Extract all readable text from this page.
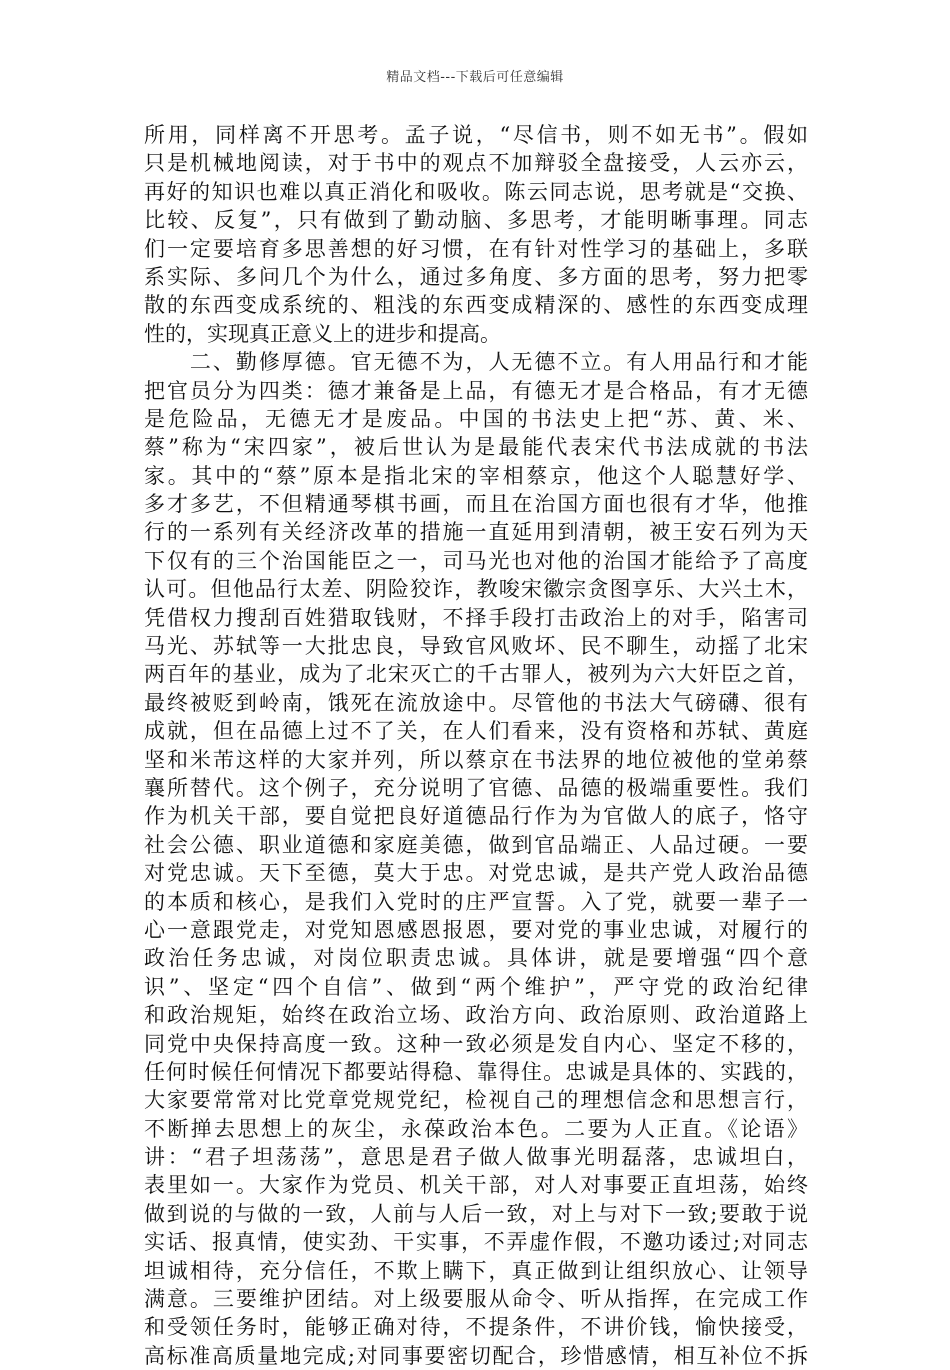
精品文档---下载后可任意编辑
所用，同样离不开思考。孟子说，“尽信书，则不如无书”。假如
只是机械地阅读，对于书中的观点不加辩驳全盘接受，人云亦云，
再好的知识也难以真正消化和吸收。陈云同志说，思考就是“交换、
比较、反复”，只有做到了勤动脑、多思考，才能明晰事理。同志
们一定要培育多思善想的好习惯，在有针对性学习的基础上，多联
系实际、多问几个为什么，通过多角度、多方面的思考，努力把零
散的东西变成系统的、粗浅的东西变成精深的、感性的东西变成理
性的，实现真正意义上的进步和提高。
　　二、勤修厚德。官无德不为，人无德不立。有人用品行和才能
把官员分为四类：德才兼备是上品，有德无才是合格品，有才无德
是危险品，无德无才是废品。中国的书法史上把“苏、黄、米、
蔡”称为“宋四家”，被后世认为是最能代表宋代书法成就的书法
家。其中的“蔡”原本是指北宋的宰相蔡京，他这个人聪慧好学、
多才多艺，不但精通琴棋书画，而且在治国方面也很有才华，他推
行的一系列有关经济改革的措施一直延用到清朝，被王安石列为天
下仅有的三个治国能臣之一，司马光也对他的治国才能给予了高度
认可。但他品行太差、阴险狡诈，教唆宋徽宗贪图享乐、大兴土木，
凭借权力搜刮百姓猎取钱财，不择手段打击政治上的对手，陷害司
马光、苏轼等一大批忠良，导致官风败坏、民不聊生，动摇了北宋
两百年的基业，成为了北宋灭亡的千古罪人，被列为六大奸臣之首，
最终被贬到岭南，饿死在流放途中。尽管他的书法大气磅礴、很有
成就，但在品德上过不了关，在人们看来，没有资格和苏轼、黄庭
坚和米芾这样的大家并列，所以蔡京在书法界的地位被他的堂弟蔡
襄所替代。这个例子，充分说明了官德、品德的极端重要性。我们
作为机关干部，要自觉把良好道德品行作为为官做人的底子，恪守
社会公德、职业道德和家庭美德，做到官品端正、人品过硬。一要
对党忠诚。天下至德，莫大于忠。对党忠诚，是共产党人政治品德
的本质和核心，是我们入党时的庄严宣誓。入了党，就要一辈子一
心一意跟党走，对党知恩感恩报恩，要对党的事业忠诚，对履行的
政治任务忠诚，对岗位职责忠诚。具体讲，就是要增强“四个意
识”、坚定“四个自信”、做到“两个维护”，严守党的政治纪律
和政治规矩，始终在政治立场、政治方向、政治原则、政治道路上
同党中央保持高度一致。这种一致必须是发自内心、坚定不移的，
任何时候任何情况下都要站得稳、靠得住。忠诚是具体的、实践的，
大家要常常对比党章党规党纪，检视自己的理想信念和思想言行，
不断掸去思想上的灰尘，永葆政治本色。二要为人正直。《论语》
讲：“君子坦荡荡”，意思是君子做人做事光明磊落，忠诚坦白，
表里如一。大家作为党员、机关干部，对人对事要正直坦荡，始终
做到说的与做的一致，人前与人后一致，对上与对下一致;要敢于说
实话、报真情，使实劲、干实事，不弄虚作假，不邀功诿过;对同志
坦诚相待，充分信任，不欺上瞒下，真正做到让组织放心、让领导
满意。三要维护团结。对上级要服从命令、听从指挥，在完成工作
和受领任务时，能够正确对待，不提条件，不讲价钱，愉快接受，
高标准高质量地完成;对同事要密切配合，珍惜感情，相互补位不拆
